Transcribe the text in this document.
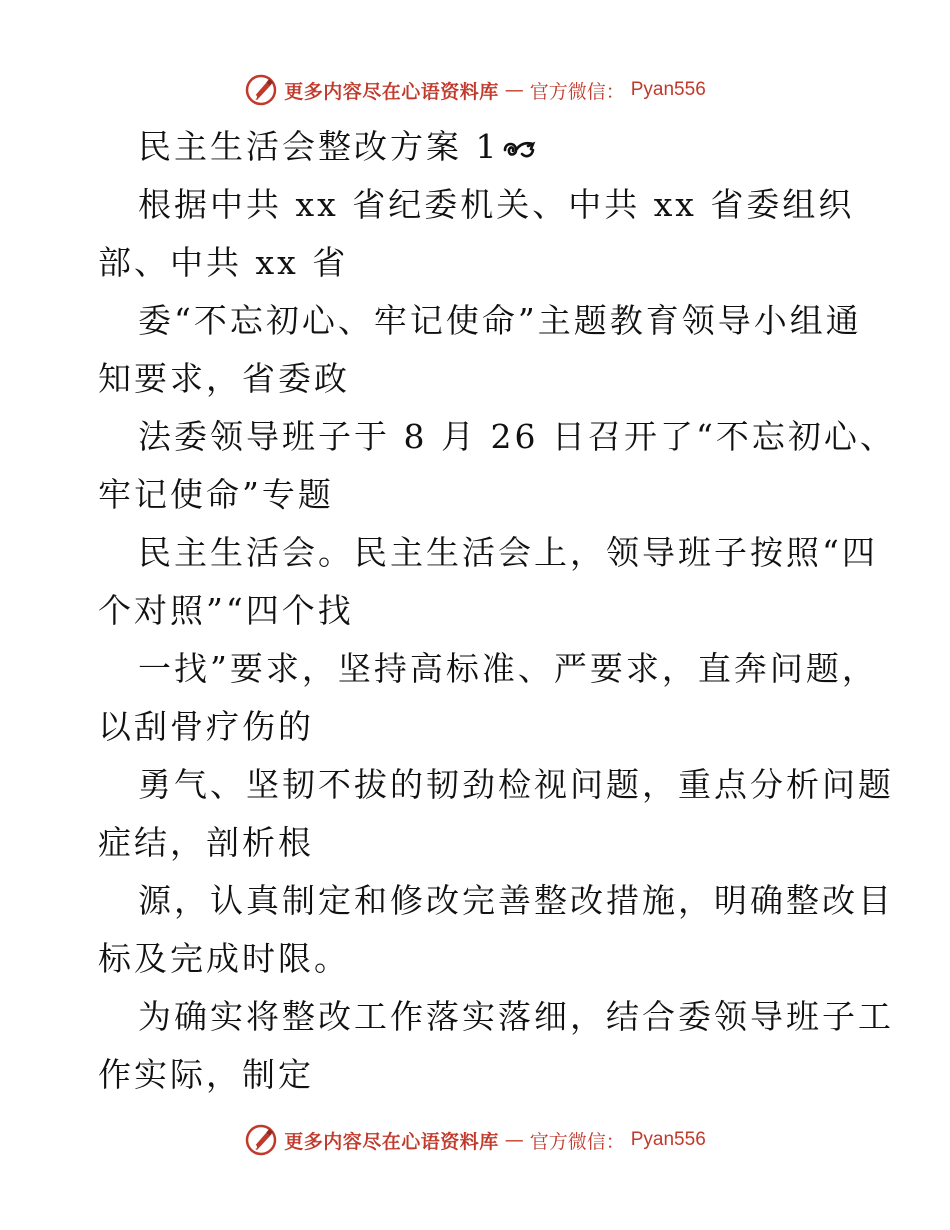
更多内容尽在心语资料库 — 官方微信： Pyan556
民主生活会整改方案 1
根据中共 xx 省纪委机关、中共 xx 省委组织
部、中共 xx 省
委“不忘初心、牢记使命”主题教育领导小组通
知要求，省委政
法委领导班子于 8 月 26 日召开了“不忘初心、
牢记使命”专题
民主生活会。民主生活会上，领导班子按照“四
个对照”“四个找
一找”要求，坚持高标准、严要求，直奔问题，
以刮骨疗伤的
勇气、坚韧不拔的韧劲检视问题，重点分析问题
症结，剖析根
源，认真制定和修改完善整改措施，明确整改目
标及完成时限。
为确实将整改工作落实落细，结合委领导班子工
作实际，制定
更多内容尽在心语资料库 — 官方微信： Pyan556
